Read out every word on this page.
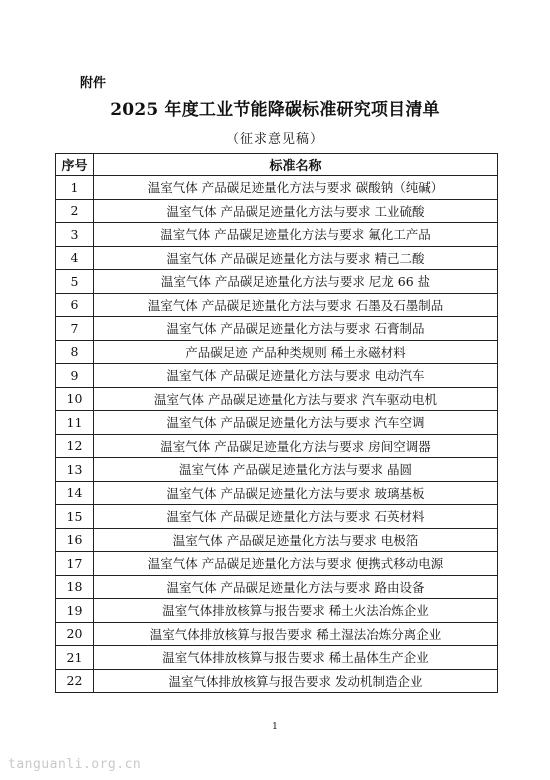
附件
2025 年度工业节能降碳标准研究项目清单
（征求意见稿）
序号	标准名称
1	温室气体 产品碳足迹量化方法与要求 碳酸钠（纯碱）
2	温室气体 产品碳足迹量化方法与要求 工业硫酸
3	温室气体 产品碳足迹量化方法与要求 氟化工产品
4	温室气体 产品碳足迹量化方法与要求 精己二酸
5	温室气体 产品碳足迹量化方法与要求 尼龙 66 盐
6	温室气体 产品碳足迹量化方法与要求 石墨及石墨制品
7	温室气体 产品碳足迹量化方法与要求 石膏制品
8	产品碳足迹 产品种类规则 稀土永磁材料
9	温室气体 产品碳足迹量化方法与要求 电动汽车
10	温室气体 产品碳足迹量化方法与要求 汽车驱动电机
11	温室气体 产品碳足迹量化方法与要求 汽车空调
12	温室气体 产品碳足迹量化方法与要求 房间空调器
13	温室气体 产品碳足迹量化方法与要求 晶圆
14	温室气体 产品碳足迹量化方法与要求 玻璃基板
15	温室气体 产品碳足迹量化方法与要求 石英材料
16	温室气体 产品碳足迹量化方法与要求 电极箔
17	温室气体 产品碳足迹量化方法与要求 便携式移动电源
18	温室气体 产品碳足迹量化方法与要求 路由设备
19	温室气体排放核算与报告要求 稀土火法冶炼企业
20	温室气体排放核算与报告要求 稀土湿法冶炼分离企业
21	温室气体排放核算与报告要求 稀土晶体生产企业
22	温室气体排放核算与报告要求 发动机制造企业
1
tanguanli.org.cn
